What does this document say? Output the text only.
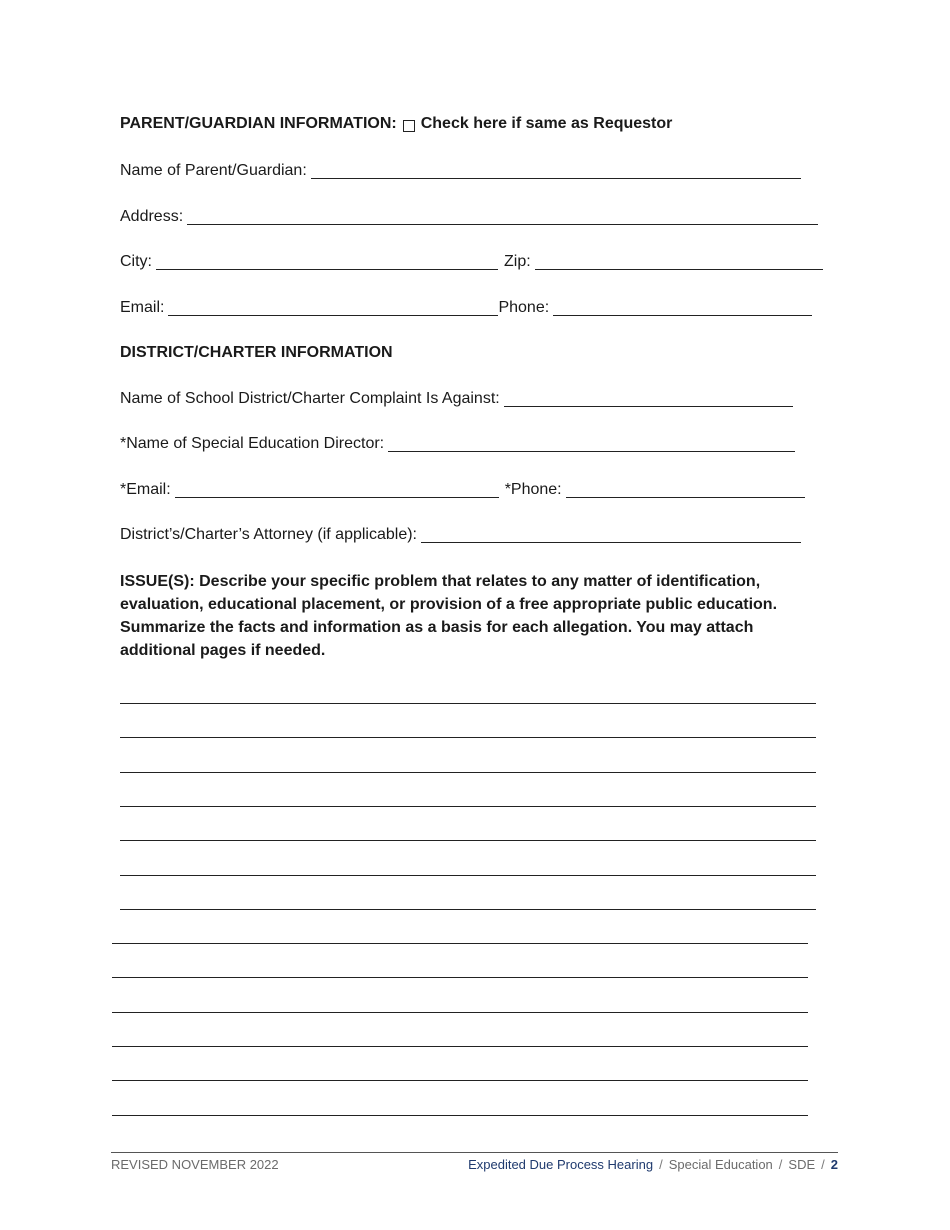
PARENT/GUARDIAN INFORMATION: Check here if same as Requestor
Name of Parent/Guardian:
Address:
City:	Zip:
Email:	Phone:
DISTRICT/CHARTER INFORMATION
Name of School District/Charter Complaint Is Against:
*Name of Special Education Director:
*Email:	*Phone:
District’s/Charter’s Attorney (if applicable):
ISSUE(S): Describe your specific problem that relates to any matter of identification, evaluation, educational placement, or provision of a free appropriate public education. Summarize the facts and information as a basis for each allegation. You may attach additional pages if needed.
REVISED NOVEMBER 2022	Expedited Due Process Hearing / Special Education / SDE / 2
